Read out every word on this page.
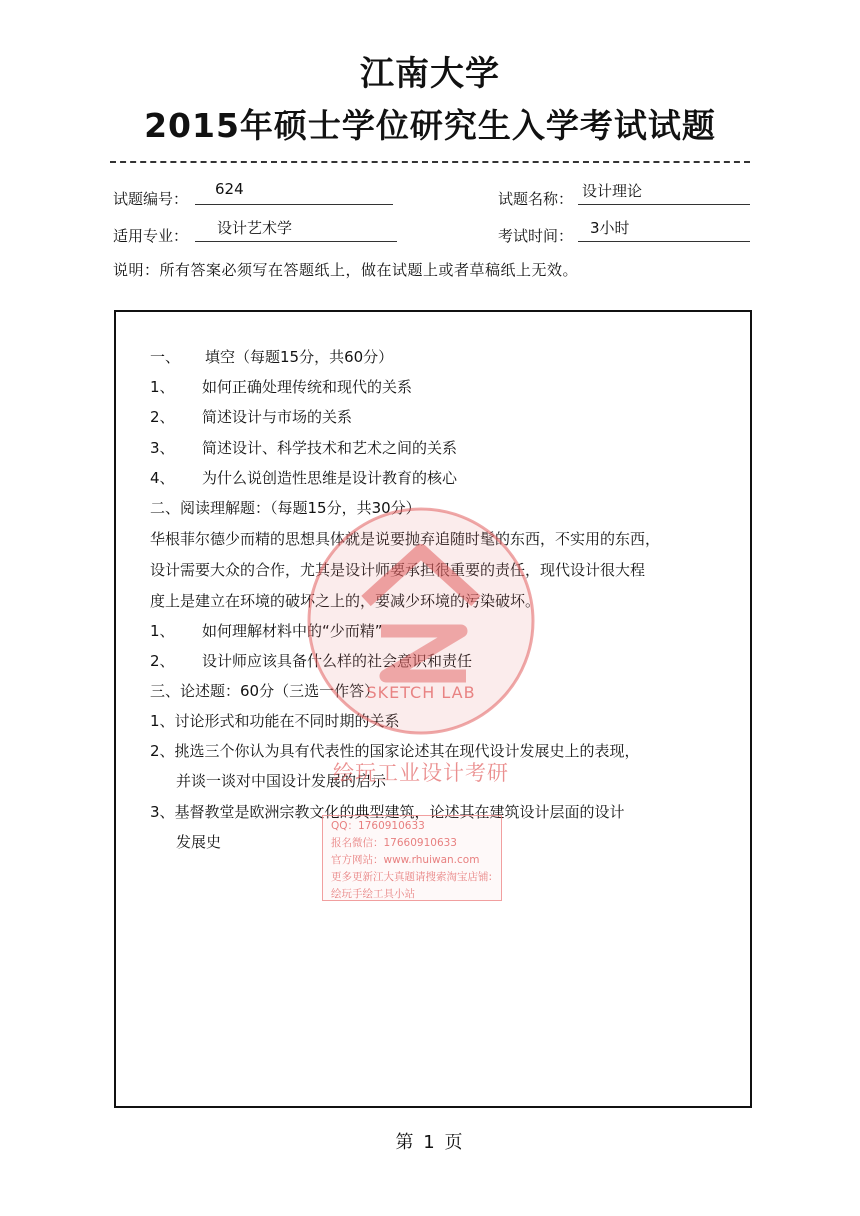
江南大学
2015年硕士学位研究生入学考试试题
试题编号：
624
试题名称： 设计理论
适用专业： 设计艺术学	考试时间： 3小时
说明：所有答案必须写在答题纸上，做在试题上或者草稿纸上无效。
一、 填空（每题15分，共60分）
1、 如何正确处理传统和现代的关系
2、 简述设计与市场的关系
3、 简述设计、科学技术和艺术之间的关系
4、 为什么说创造性思维是设计教育的核心
二、阅读理解题：（每题15分，共30分）
华根菲尔德少而精的思想具体就是说要抛弃追随时髦的东西，不实用的东西，
设计需要大众的合作，尤其是设计师要承担很重要的责任，现代设计很大程
度上是建立在环境的破坏之上的，要减少环境的污染破坏。
1、 如何理解材料中的“少而精”
2、 设计师应该具备什么样的社会意识和责任
三、论述题：60分（三选一作答）
1、讨论形式和功能在不同时期的关系
2、挑选三个你认为具有代表性的国家论述其在现代设计发展史上的表现，
并谈一谈对中国设计发展的启示
3、基督教堂是欧洲宗教文化的典型建筑，论述其在建筑设计层面的设计
发展史
SKETCH LAB
绘玩工业设计考研
QQ：1760910633
报名微信：17660910633
官方网站：www.rhuiwan.com
更多更新江大真题请搜索淘宝店铺:
绘玩手绘工具小站
第 1 页
